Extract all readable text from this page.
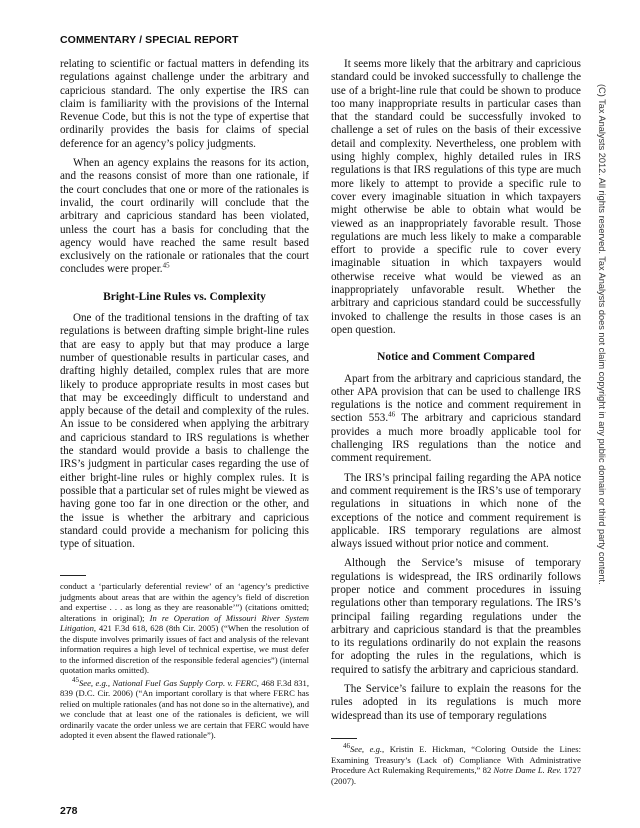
COMMENTARY / SPECIAL REPORT

relating to scientific or factual matters in defending its regulations against challenge under the arbitrary and capricious standard. The only expertise the IRS can claim is familiarity with the provisions of the Internal Revenue Code, but this is not the type of expertise that ordinarily provides the basis for claims of special deference for an agency’s policy judgments.

When an agency explains the reasons for its action, and the reasons consist of more than one rationale, if the court concludes that one or more of the rationales is invalid, the court ordinarily will conclude that the arbitrary and capricious standard has been violated, unless the court has a basis for concluding that the agency would have reached the same result based exclusively on the rationale or rationales that the court concludes were proper.$^{45}$

Bright-Line Rules vs. Complexity

One of the traditional tensions in the drafting of tax regulations is between drafting simple bright-line rules that are easy to apply but that may produce a large number of questionable results in particular cases, and drafting highly detailed, complex rules that are more likely to produce appropriate results in most cases but that may be exceedingly difficult to understand and apply because of the detail and complexity of the rules. An issue to be considered when applying the arbitrary and capricious standard to IRS regulations is whether the standard would provide a basis to challenge the IRS’s judgment in particular cases regarding the use of either bright-line rules or highly complex rules. It is possible that a particular set of rules might be viewed as having gone too far in one direction or the other, and the issue is whether the arbitrary and capricious standard could provide a mechanism for policing this type of situation.

It seems more likely that the arbitrary and capricious standard could be invoked successfully to challenge the use of a bright-line rule that could be shown to produce too many inappropriate results in particular cases than that the standard could be successfully invoked to challenge a set of rules on the basis of their excessive detail and complexity. Nevertheless, one problem with using highly complex, highly detailed rules in IRS regulations is that IRS regulations of this type are much more likely to attempt to provide a specific rule to cover every imaginable situation in which taxpayers might otherwise be able to obtain what would be viewed as an inappropriately favorable result. Those regulations are much less likely to make a comparable effort to provide a specific rule to cover every imaginable situation in which taxpayers would otherwise receive what would be viewed as an inappropriately unfavorable result. Whether the arbitrary and capricious standard could be successfully invoked to challenge the results in those cases is an open question.

Notice and Comment Compared

Apart from the arbitrary and capricious standard, the other APA provision that can be used to challenge IRS regulations is the notice and comment requirement in section 553.46 The arbitrary and capricious standard provides a much more broadly applicable tool for challenging IRS regulations than the notice and comment requirement.

The IRS’s principal failing regarding the APA notice and comment requirement is the IRS’s use of temporary regulations in situations in which none of the exceptions of the notice and comment requirement is applicable. IRS temporary regulations are almost always issued without prior notice and comment.

Although the Service’s misuse of temporary regulations is widespread, the IRS ordinarily follows proper notice and comment procedures in issuing regulations other than temporary regulations. The IRS’s principal failing regarding regulations under the arbitrary and capricious standard is that the preambles to its regulations ordinarily do not explain the reasons for adopting the rules in the regulations, which is required to satisfy the arbitrary and capricious standard.

The Service’s failure to explain the reasons for the rules adopted in its regulations is much more widespread than its use of temporary regulations

conduct a ‘particularly deferential review’ of an ‘agency’s predictive judgments about areas that are within the agency’s field of discretion and expertise . . . as long as they are reasonable’”) (citations omitted; alterations in original); In re Operation of Missouri River System Litigation, 421 F.3d 618, 628 (8th Cir. 2005) (“When the resolution of the dispute involves primarily issues of fact and analysis of the relevant information requires a high level of technical expertise, we must defer to the informed discretion of the responsible federal agencies”) (internal quotation marks omitted).

$^{45}$See, e.g., National Fuel Gas Supply Corp. v. FERC, 468 F.3d 831, 839 (D.C. Cir. 2006) (“An important corollary is that where FERC has relied on multiple rationales (and has not done so in the alternative), and we conclude that at least one of the rationales is deficient, we will ordinarily vacate the order unless we are certain that FERC would have adopted it even absent the flawed rationale”).

$^{46}$See, e.g., Kristin E. Hickman, “Coloring Outside the Lines: Examining Treasury’s (Lack of) Compliance With Administrative Procedure Act Rulemaking Requirements,” 82 Notre Dame L. Rev. 1727 (2007).

278
(C) Tax Analysts 2012. All rights reserved. Tax Analysts does not claim copyright in any public domain or third party content.
